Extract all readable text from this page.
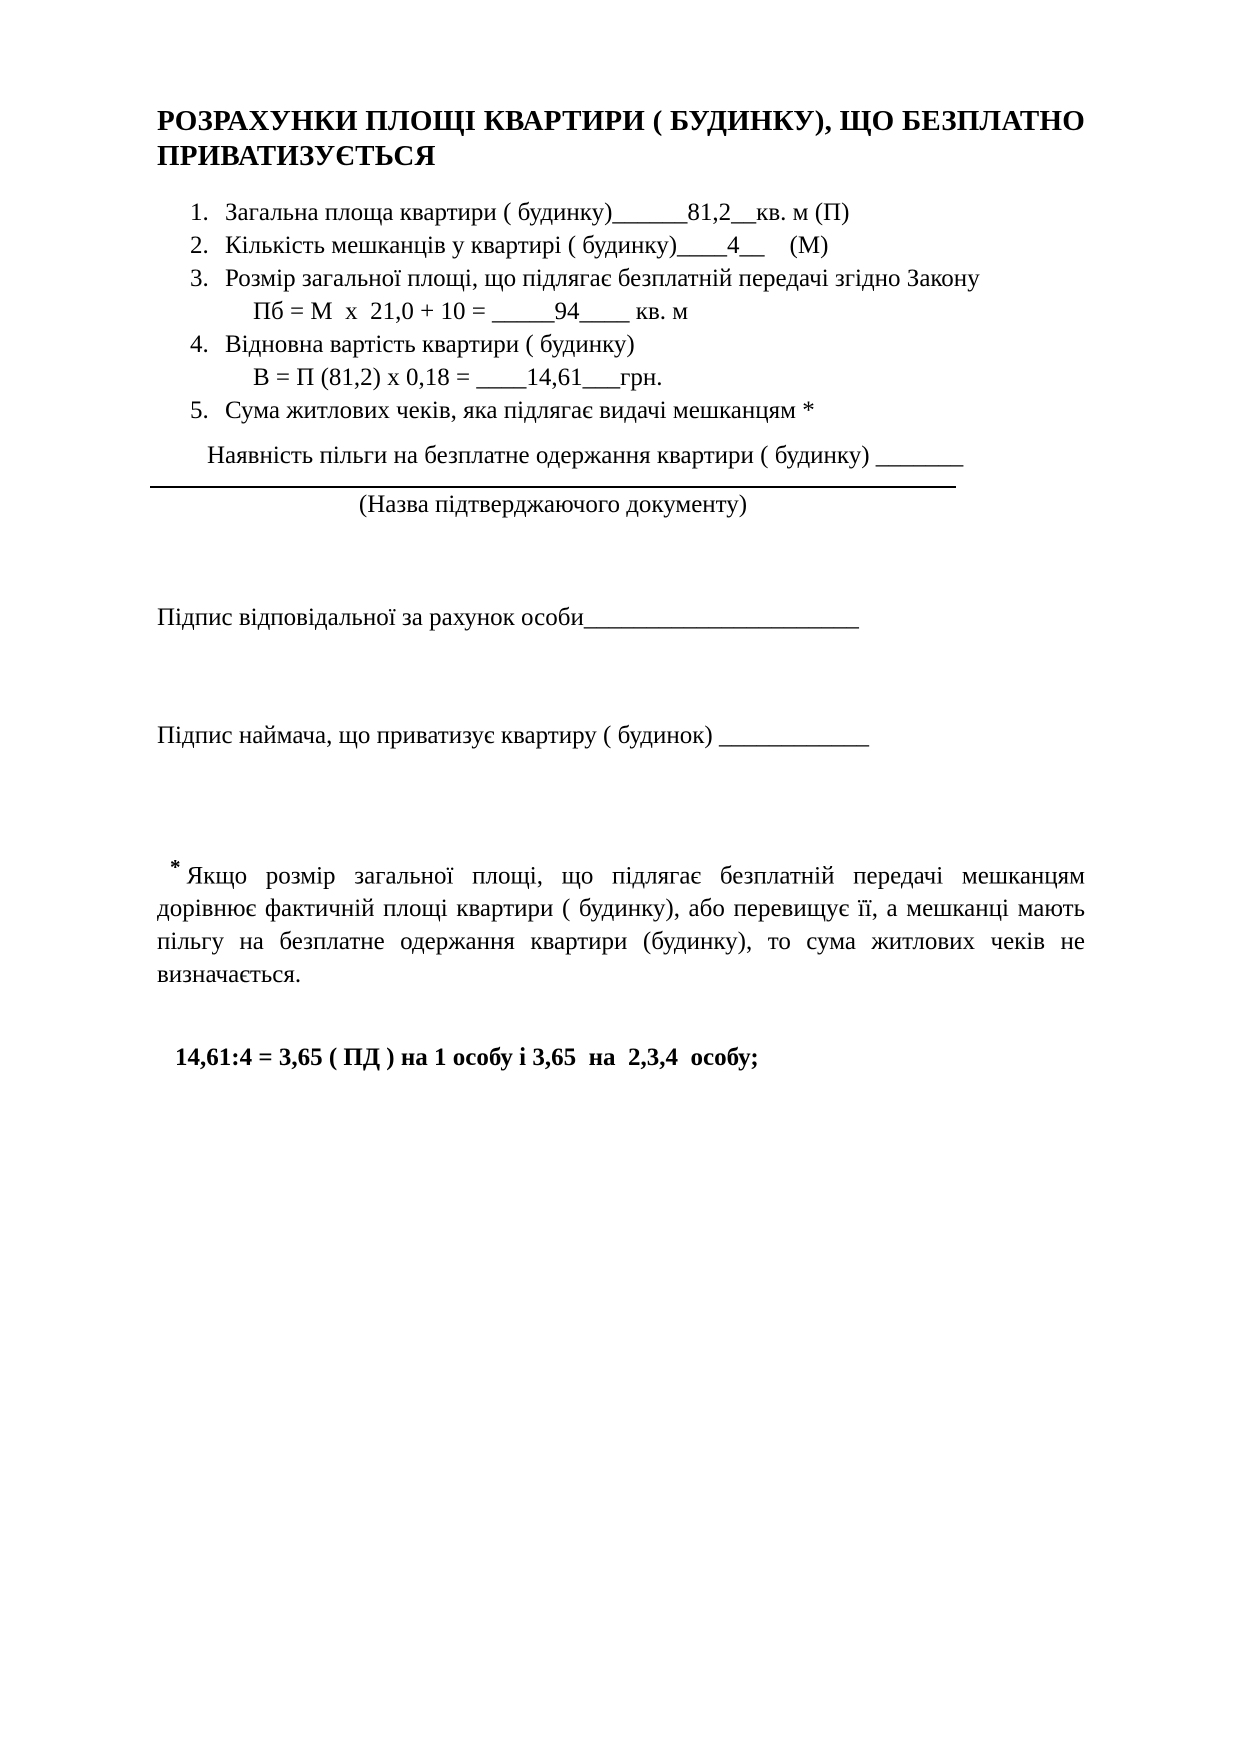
РОЗРАХУНКИ ПЛОЩІ КВАРТИРИ ( БУДИНКУ), ЩО БЕЗПЛАТНО
ПРИВАТИЗУЄТЬСЯ
1. Загальна площа квартири ( будинку)______81,2__кв. м (П)
2. Кількість мешканців у квартирі ( будинку)____4__    (М)
3. Розмір загальної площі, що підлягає безплатній передачі згідно Закону
Пб = М  х  21,0 + 10 = _____94____ кв. м
4. Відновна вартість квартири ( будинку)
В = П (81,2) х 0,18 = ____14,61___грн.
5. Сума житлових чеків, яка підлягає видачі мешканцям *
Наявність пільги на безплатне одержання квартири ( будинку) _______
(Назва підтверджаючого документу)
Підпис відповідальної за рахунок особи______________________
Підпис наймача, що приватизує квартиру ( будинок) ____________
* Якщо розмір загальної площі, що підлягає безплатній передачі мешканцям дорівнює фактичній площі квартири ( будинку), або перевищує її, а мешканці мають пільгу на безплатне одержання квартири (будинку), то сума житлових чеків не визначається.
14,61:4 = 3,65 ( ПД ) на 1 особу і 3,65  на  2,3,4  особу;
